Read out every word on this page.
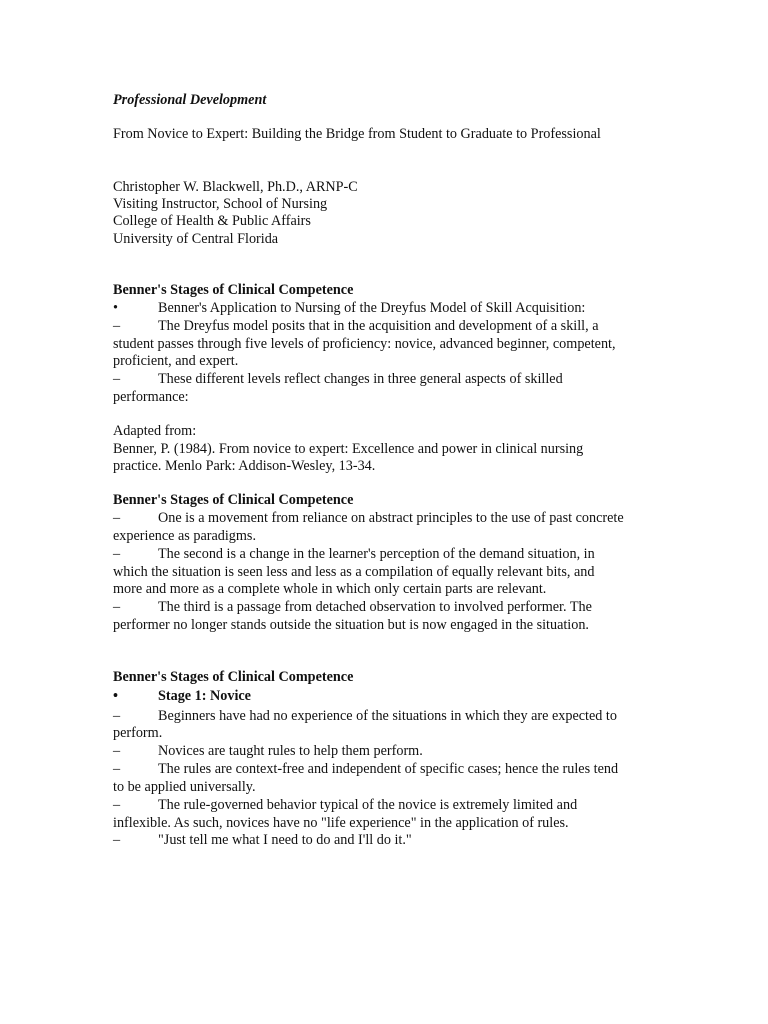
Professional Development
From Novice to Expert: Building the Bridge from Student to Graduate to Professional
Christopher W. Blackwell, Ph.D., ARNP-C
Visiting Instructor, School of Nursing
College of Health & Public Affairs
University of Central Florida
Benner's Stages of Clinical Competence
•	Benner's Application to Nursing of the Dreyfus Model of Skill Acquisition:
–	The Dreyfus model posits that in the acquisition and development of a skill, a
student passes through five levels of proficiency: novice, advanced beginner, competent,
proficient, and expert.
–	These different levels reflect changes in three general aspects of skilled
performance:
Adapted from:
Benner, P. (1984). From novice to expert: Excellence and power in clinical nursing
practice. Menlo Park: Addison-Wesley, 13-34.
Benner's Stages of Clinical Competence
–	One is a movement from reliance on abstract principles to the use of past concrete
experience as paradigms.
–	The second is a change in the learner's perception of the demand situation, in
which the situation is seen less and less as a compilation of equally relevant bits, and
more and more as a complete whole in which only certain parts are relevant.
–	The third is a passage from detached observation to involved performer. The
performer no longer stands outside the situation but is now engaged in the situation.
Benner's Stages of Clinical Competence
•	Stage 1: Novice
–	Beginners have had no experience of the situations in which they are expected to
perform.
–	Novices are taught rules to help them perform.
–	The rules are context-free and independent of specific cases; hence the rules tend
to be applied universally.
–	The rule-governed behavior typical of the novice is extremely limited and
inflexible. As such, novices have no "life experience" in the application of rules.
–	"Just tell me what I need to do and I'll do it."
